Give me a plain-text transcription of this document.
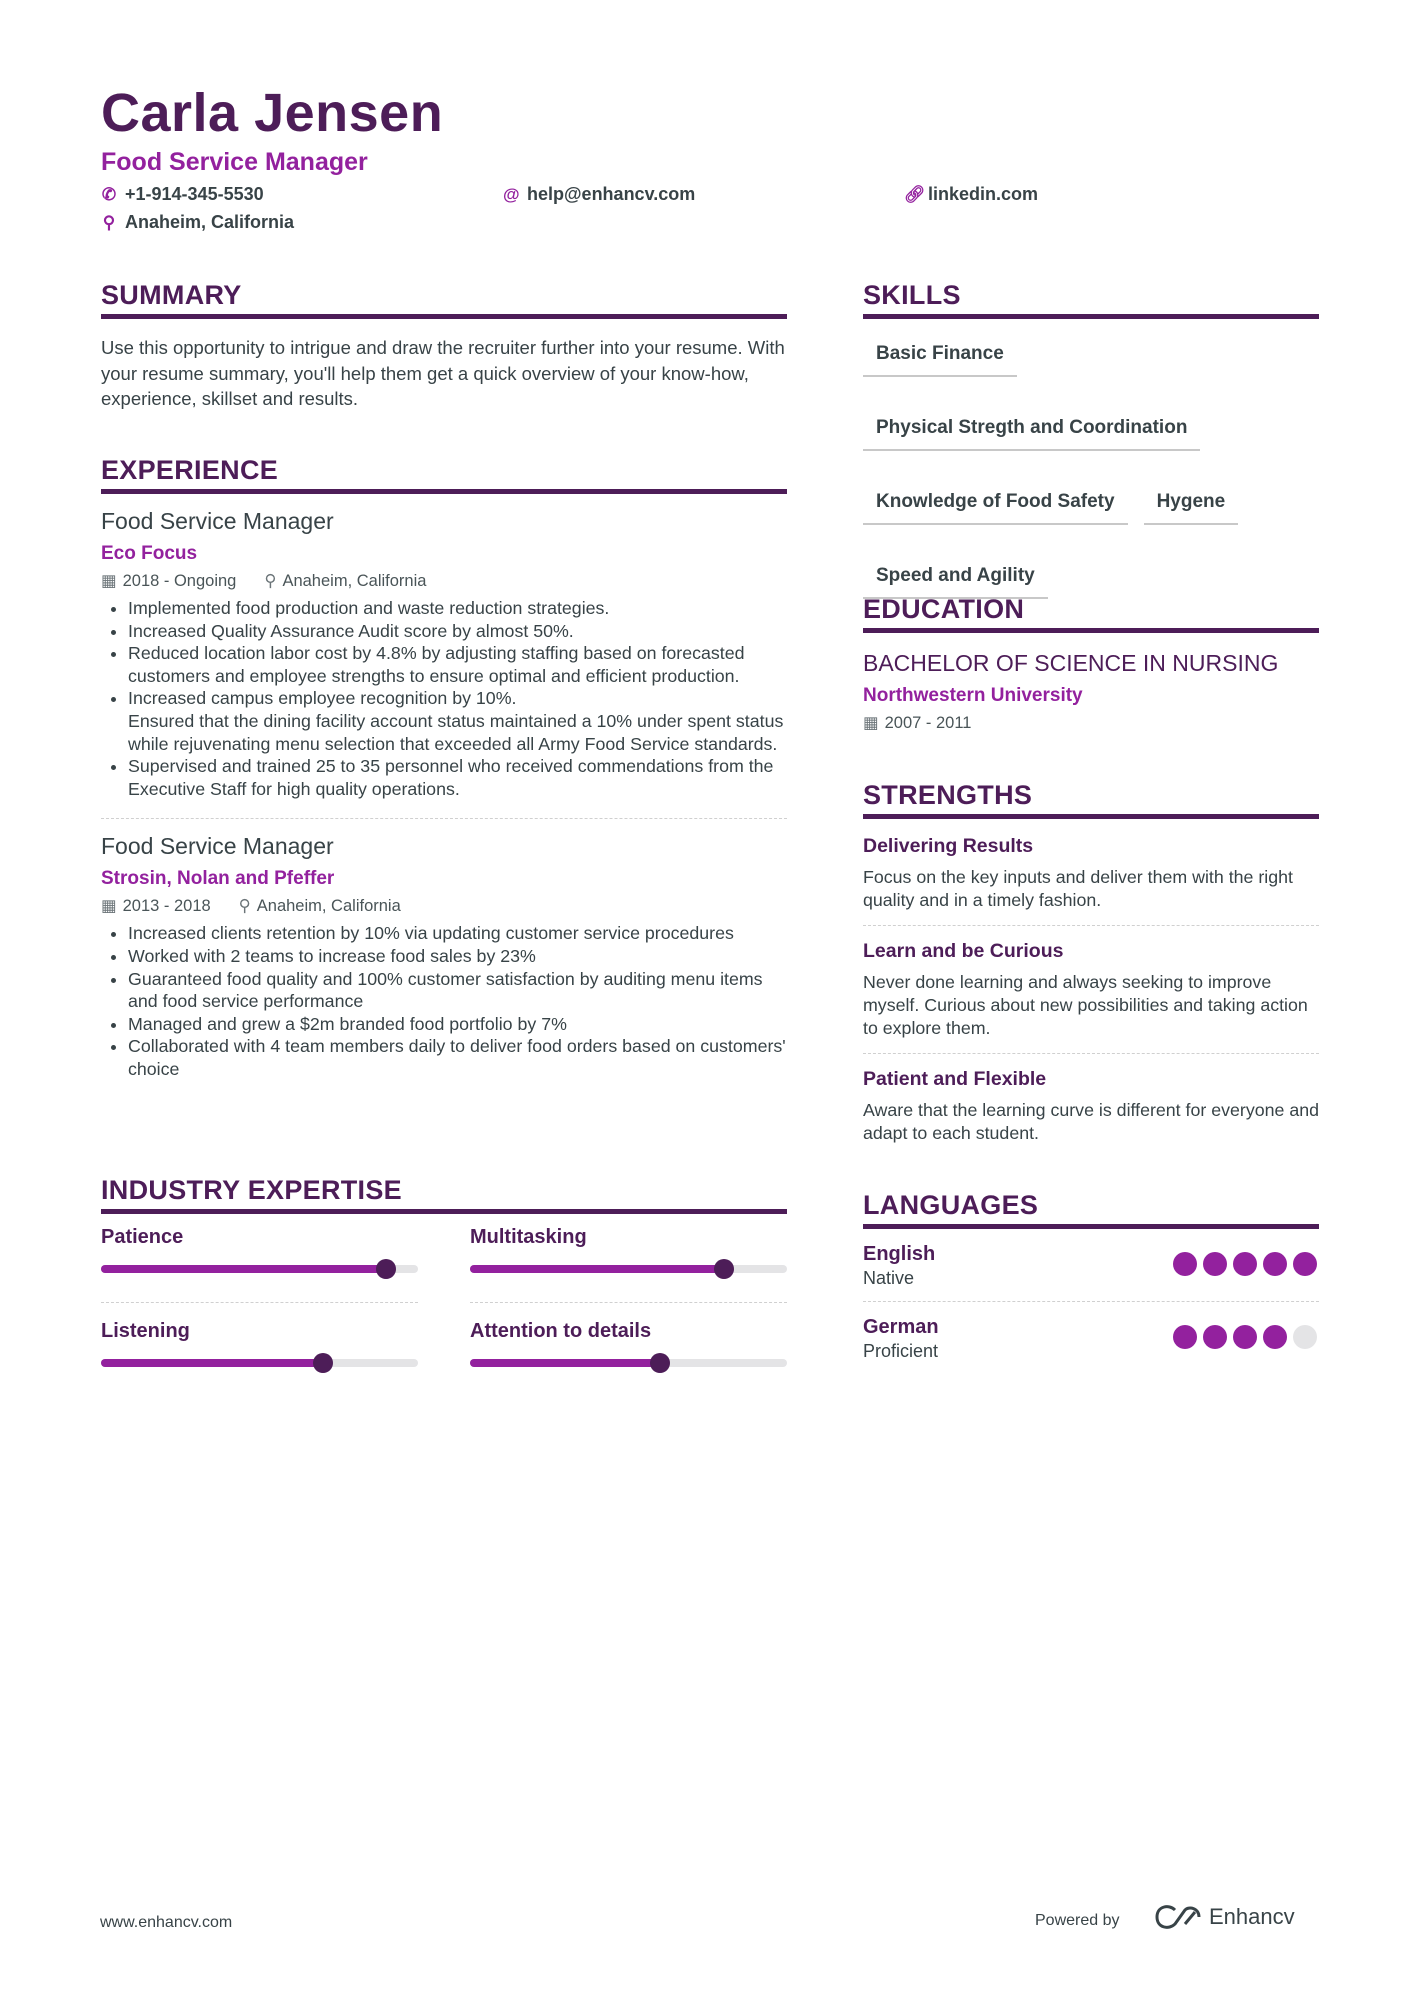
Carla Jensen
Food Service Manager
✆ +1-914-345-5530	@ help@enhancv.com	🔗︎ linkedin.com
⚲ Anaheim, California
SUMMARY

Use this opportunity to intrigue and draw the recruiter further into your resume. With your resume summary, you'll help them get a quick overview of your know-how, experience, skillset and results.

EXPERIENCE
Food Service Manager
Eco Focus
▦ 2018 - Ongoing ⚲ Anaheim, California
• Implemented food production and waste reduction strategies.
• Increased Quality Assurance Audit score by almost 50%.
• Reduced location labor cost by 4.8% by adjusting staffing based on forecasted customers and employee strengths to ensure optimal and efficient production.
• Increased campus employee recognition by 10%.
Ensured that the dining facility account status maintained a 10% under spent status while rejuvenating menu selection that exceeded all Army Food Service standards.
• Supervised and trained 25 to 35 personnel who received commendations from the Executive Staff for high quality operations.
Food Service Manager
Strosin, Nolan and Pfeffer
▦ 2013 - 2018 ⚲ Anaheim, California
• Increased clients retention by 10% via updating customer service procedures
• Worked with 2 teams to increase food sales by 23%
• Guaranteed food quality and 100% customer satisfaction by auditing menu items and food service performance
• Managed and grew a $2m branded food portfolio by 7%
• Collaborated with 4 team members daily to deliver food orders based on customers' choice
INDUSTRY EXPERTISE
Patience	Multitasking
Listening	Attention to details
SKILLS
Basic Finance
Physical Stregth and Coordination
Knowledge of Food Safety	Hygene
Speed and Agility
EDUCATION
BACHELOR OF SCIENCE IN NURSING
Northwestern University
▦ 2007 - 2011
STRENGTHS
Delivering Results
Focus on the key inputs and deliver them with the right quality and in a timely fashion.
Learn and be Curious
Never done learning and always seeking to improve myself. Curious about new possibilities and taking action to explore them.
Patient and Flexible
Aware that the learning curve is different for everyone and adapt to each student.
LANGUAGES
English
Native
German
Proficient
www.enhancv.com	Powered by	Enhancv
